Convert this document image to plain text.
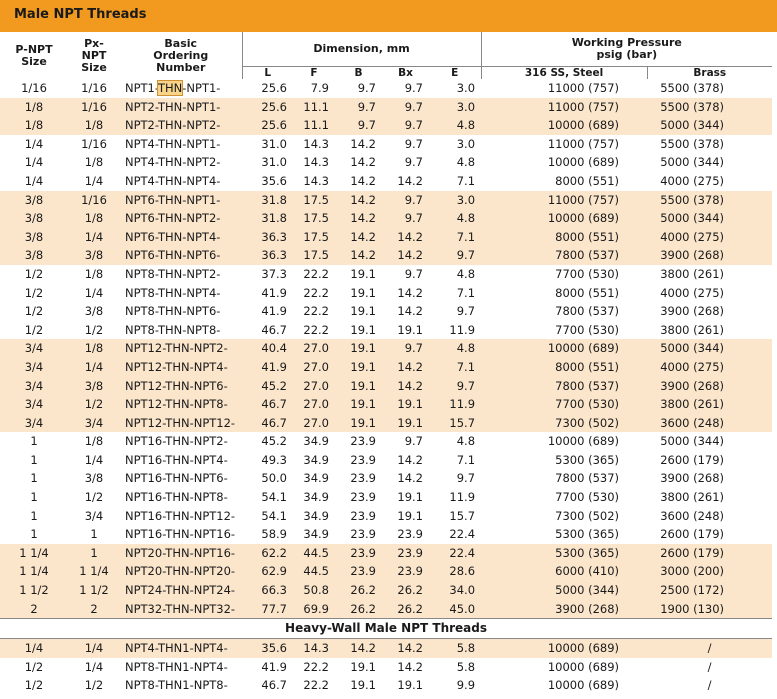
Male NPT Threads
P-NPT Size	Px-NPT Size	Basic Ordering Number	Dimension, mm					Working Pressure psig (bar)	
			L	F	B	Bx	E	316 SS, Steel	Brass
1/16	1/16	NPT1-THN-NPT1-	25.6	7.9	9.7	9.7	3.0	11000 (757)	5500 (378)
1/8	1/16	NPT2-THN-NPT1-	25.6	11.1	9.7	9.7	3.0	11000 (757)	5500 (378)
1/8	1/8	NPT2-THN-NPT2-	25.6	11.1	9.7	9.7	4.8	10000 (689)	5000 (344)
1/4	1/16	NPT4-THN-NPT1-	31.0	14.3	14.2	9.7	3.0	11000 (757)	5500 (378)
1/4	1/8	NPT4-THN-NPT2-	31.0	14.3	14.2	9.7	4.8	10000 (689)	5000 (344)
1/4	1/4	NPT4-THN-NPT4-	35.6	14.3	14.2	14.2	7.1	8000 (551)	4000 (275)
3/8	1/16	NPT6-THN-NPT1-	31.8	17.5	14.2	9.7	3.0	11000 (757)	5500 (378)
3/8	1/8	NPT6-THN-NPT2-	31.8	17.5	14.2	9.7	4.8	10000 (689)	5000 (344)
3/8	1/4	NPT6-THN-NPT4-	36.3	17.5	14.2	14.2	7.1	8000 (551)	4000 (275)
3/8	3/8	NPT6-THN-NPT6-	36.3	17.5	14.2	14.2	9.7	7800 (537)	3900 (268)
1/2	1/8	NPT8-THN-NPT2-	37.3	22.2	19.1	9.7	4.8	7700 (530)	3800 (261)
1/2	1/4	NPT8-THN-NPT4-	41.9	22.2	19.1	14.2	7.1	8000 (551)	4000 (275)
1/2	3/8	NPT8-THN-NPT6-	41.9	22.2	19.1	14.2	9.7	7800 (537)	3900 (268)
1/2	1/2	NPT8-THN-NPT8-	46.7	22.2	19.1	19.1	11.9	7700 (530)	3800 (261)
3/4	1/8	NPT12-THN-NPT2-	40.4	27.0	19.1	9.7	4.8	10000 (689)	5000 (344)
3/4	1/4	NPT12-THN-NPT4-	41.9	27.0	19.1	14.2	7.1	8000 (551)	4000 (275)
3/4	3/8	NPT12-THN-NPT6-	45.2	27.0	19.1	14.2	9.7	7800 (537)	3900 (268)
3/4	1/2	NPT12-THN-NPT8-	46.7	27.0	19.1	19.1	11.9	7700 (530)	3800 (261)
3/4	3/4	NPT12-THN-NPT12-	46.7	27.0	19.1	19.1	15.7	7300 (502)	3600 (248)
1	1/8	NPT16-THN-NPT2-	45.2	34.9	23.9	9.7	4.8	10000 (689)	5000 (344)
1	1/4	NPT16-THN-NPT4-	49.3	34.9	23.9	14.2	7.1	5300 (365)	2600 (179)
1	3/8	NPT16-THN-NPT6-	50.0	34.9	23.9	14.2	9.7	7800 (537)	3900 (268)
1	1/2	NPT16-THN-NPT8-	54.1	34.9	23.9	19.1	11.9	7700 (530)	3800 (261)
1	3/4	NPT16-THN-NPT12-	54.1	34.9	23.9	19.1	15.7	7300 (502)	3600 (248)
1	1	NPT16-THN-NPT16-	58.9	34.9	23.9	23.9	22.4	5300 (365)	2600 (179)
1 1/4	1	NPT20-THN-NPT16-	62.2	44.5	23.9	23.9	22.4	5300 (365)	2600 (179)
1 1/4	1 1/4	NPT20-THN-NPT20-	62.9	44.5	23.9	23.9	28.6	6000 (410)	3000 (200)
1 1/2	1 1/2	NPT24-THN-NPT24-	66.3	50.8	26.2	26.2	34.0	5000 (344)	2500 (172)
2	2	NPT32-THN-NPT32-	77.7	69.9	26.2	26.2	45.0	3900 (268)	1900 (130)
Heavy-Wall Male NPT Threads									
1/4	1/4	NPT4-THN1-NPT4-	35.6	14.3	14.2	14.2	5.8	10000 (689)	/
1/2	1/4	NPT8-THN1-NPT4-	41.9	22.2	19.1	14.2	5.8	10000 (689)	/
1/2	1/2	NPT8-THN1-NPT8-	46.7	22.2	19.1	19.1	9.9	10000 (689)	/
